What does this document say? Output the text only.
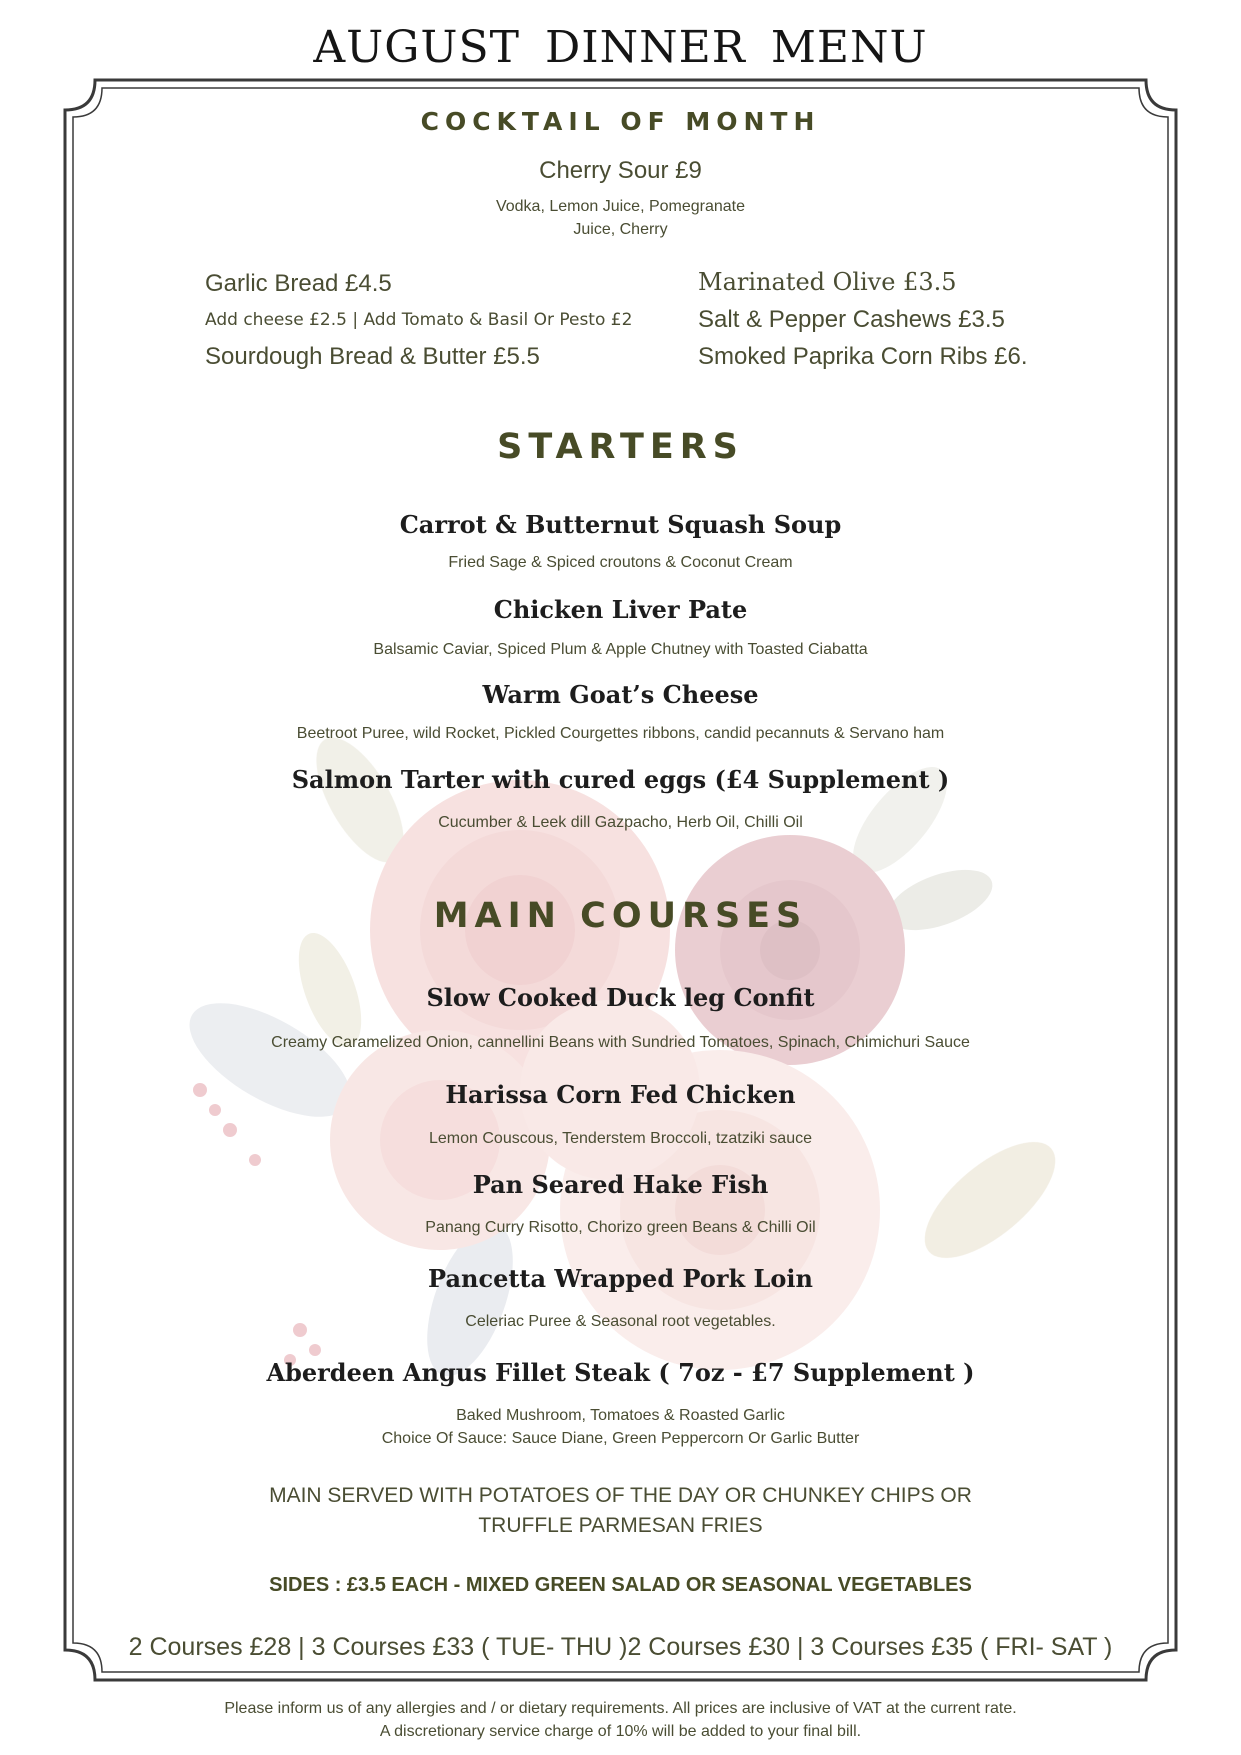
AUGUST DINNER MENU
COCKTAIL OF MONTH
Cherry Sour £9
Vodka, Lemon Juice, Pomegranate
Juice, Cherry
Garlic Bread £4.5
Add cheese £2.5 | Add Tomato & Basil Or Pesto £2
Sourdough Bread & Butter £5.5
Marinated Olive £3.5
Salt & Pepper Cashews £3.5
Smoked Paprika Corn Ribs £6.
STARTERS
Carrot & Butternut Squash Soup
Fried Sage & Spiced croutons & Coconut Cream
Chicken Liver Pate
Balsamic Caviar, Spiced Plum & Apple Chutney with Toasted Ciabatta
Warm Goat’s Cheese
Beetroot Puree, wild Rocket, Pickled Courgettes ribbons, candid pecannuts & Servano ham
Salmon Tarter with cured eggs (£4 Supplement )
Cucumber & Leek dill Gazpacho, Herb Oil, Chilli Oil
MAIN COURSES
Slow Cooked Duck leg Confit
Creamy Caramelized Onion, cannellini Beans with Sundried Tomatoes, Spinach, Chimichuri Sauce
Harissa Corn Fed Chicken
Lemon Couscous, Tenderstem Broccoli, tzatziki sauce
Pan Seared Hake Fish
Panang Curry Risotto, Chorizo green Beans & Chilli Oil
Pancetta Wrapped Pork Loin
Celeriac Puree & Seasonal root vegetables.
Aberdeen Angus Fillet Steak ( 7oz - £7 Supplement )
Baked Mushroom, Tomatoes & Roasted Garlic
Choice Of Sauce: Sauce Diane, Green Peppercorn Or Garlic Butter
MAIN SERVED WITH POTATOES OF THE DAY OR CHUNKEY CHIPS OR
TRUFFLE PARMESAN FRIES
SIDES : £3.5 EACH - MIXED GREEN SALAD OR SEASONAL VEGETABLES
2 Courses £28 | 3 Courses £33 ( TUE- THU )2 Courses £30 | 3 Courses £35 ( FRI- SAT )
Please inform us of any allergies and / or dietary requirements. All prices are inclusive of VAT at the current rate.
A discretionary service charge of 10% will be added to your final bill.
